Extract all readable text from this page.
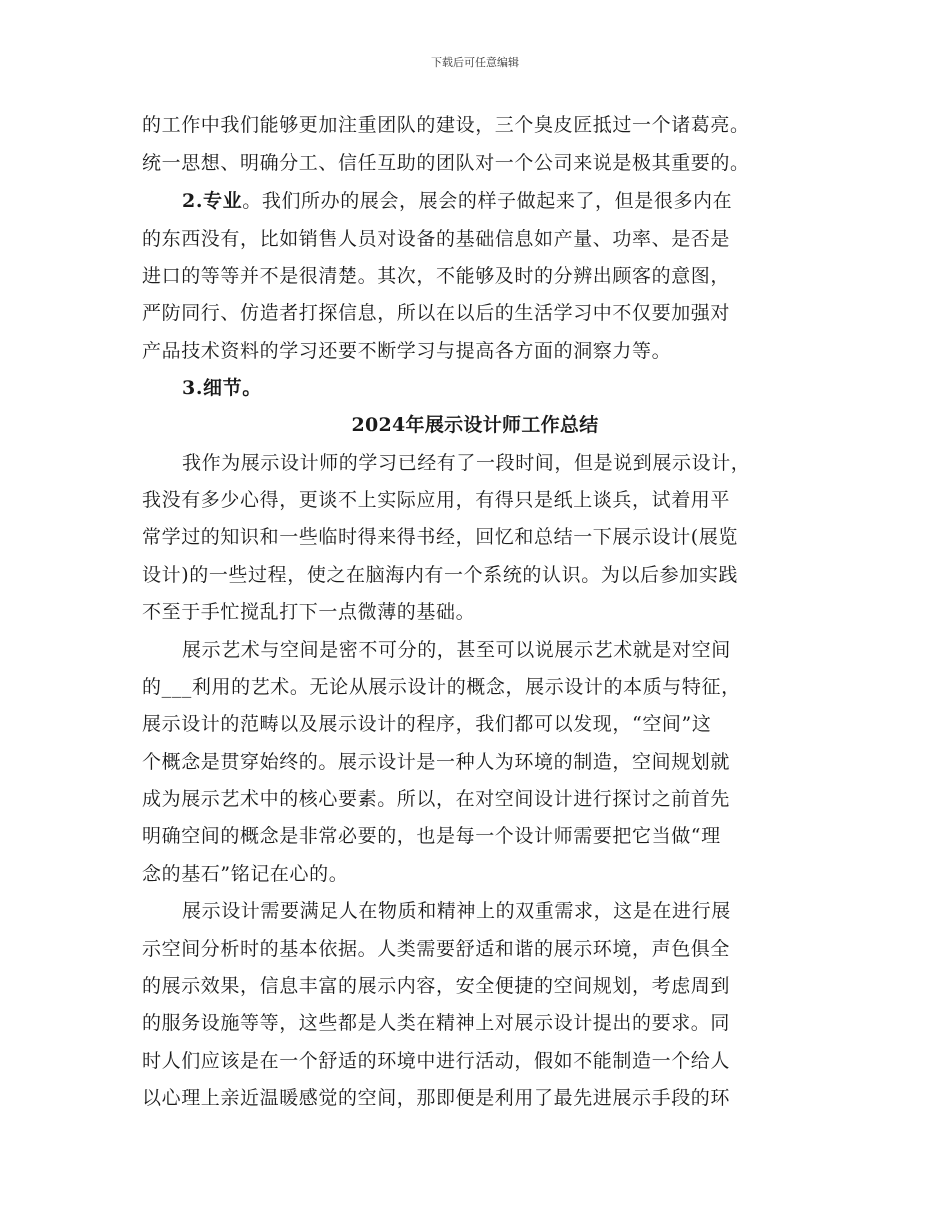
下载后可任意编辑
的工作中我们能够更加注重团队的建设，三个臭皮匠抵过一个诸葛亮。
统一思想、明确分工、信任互助的团队对一个公司来说是极其重要的。
2.专业。我们所办的展会，展会的样子做起来了，但是很多内在
的东西没有，比如销售人员对设备的基础信息如产量、功率、是否是
进口的等等并不是很清楚。其次，不能够及时的分辨出顾客的意图，
严防同行、仿造者打探信息，所以在以后的生活学习中不仅要加强对
产品技术资料的学习还要不断学习与提高各方面的洞察力等。
3.细节。
2024年展示设计师工作总结
我作为展示设计师的学习已经有了一段时间，但是说到展示设计，
我没有多少心得，更谈不上实际应用，有得只是纸上谈兵，试着用平
常学过的知识和一些临时得来得书经，回忆和总结一下展示设计(展览
设计)的一些过程，使之在脑海内有一个系统的认识。为以后参加实践
不至于手忙搅乱打下一点微薄的基础。
展示艺术与空间是密不可分的，甚至可以说展示艺术就是对空间
的___利用的艺术。无论从展示设计的概念，展示设计的本质与特征，
展示设计的范畴以及展示设计的程序，我们都可以发现，“空间”这
个概念是贯穿始终的。展示设计是一种人为环境的制造，空间规划就
成为展示艺术中的核心要素。所以，在对空间设计进行探讨之前首先
明确空间的概念是非常必要的，也是每一个设计师需要把它当做“理
念的基石”铭记在心的。
展示设计需要满足人在物质和精神上的双重需求，这是在进行展
示空间分析时的基本依据。人类需要舒适和谐的展示环境，声色俱全
的展示效果，信息丰富的展示内容，安全便捷的空间规划，考虑周到
的服务设施等等，这些都是人类在精神上对展示设计提出的要求。同
时人们应该是在一个舒适的环境中进行活动，假如不能制造一个给人
以心理上亲近温暖感觉的空间，那即便是利用了最先进展示手段的环
